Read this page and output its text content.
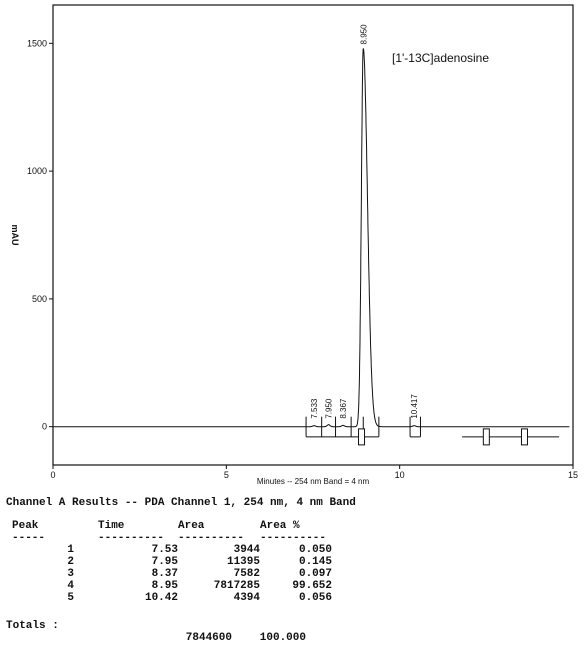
0
500
1000
1500
0	5	10	15
7.533 7.950 8.367
8.950
10.417
mAU
Minutes -- 254 nm Band = 4 nm
[1'-13C]adenosine
Channel A Results -- PDA Channel 1, 254 nm, 4 nm Band
Peak	Time	Area	Area %
-----	----------	----------	----------
1	7.53	3944	0.050
2	7.95	11395	0.145
3	8.37	7582	0.097
4	8.95	7817285	99.652
5	10.42	4394	0.056
Totals :
7844600	100.000
